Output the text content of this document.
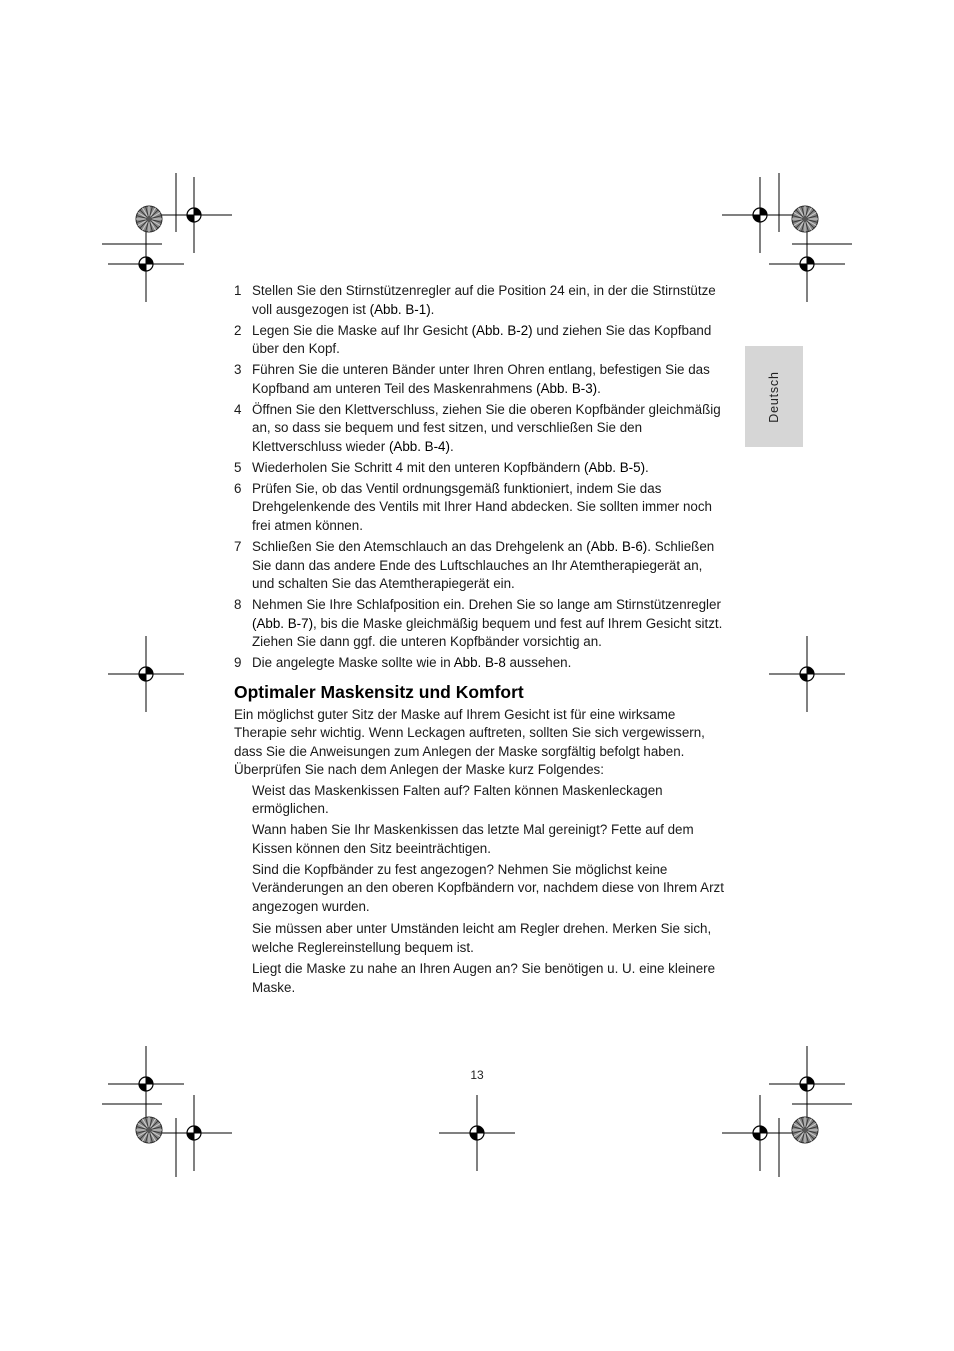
Deutsch
1 Stellen Sie den Stirnstützenregler auf die Position 24 ein, in der die Stirnstütze voll ausgezogen ist (Abb. B-1).
2 Legen Sie die Maske auf Ihr Gesicht (Abb. B-2) und ziehen Sie das Kopfband über den Kopf.
3 Führen Sie die unteren Bänder unter Ihren Ohren entlang, befestigen Sie das Kopfband am unteren Teil des Maskenrahmens (Abb. B-3).
4 Öffnen Sie den Klettverschluss, ziehen Sie die oberen Kopfbänder gleichmäßig an, so dass sie bequem und fest sitzen, und verschließen Sie den Klettverschluss wieder (Abb. B-4).
5 Wiederholen Sie Schritt 4 mit den unteren Kopfbändern (Abb. B-5).
6 Prüfen Sie, ob das Ventil ordnungsgemäß funktioniert, indem Sie das Drehgelenkende des Ventils mit Ihrer Hand abdecken. Sie sollten immer noch frei atmen können.
7 Schließen Sie den Atemschlauch an das Drehgelenk an (Abb. B-6). Schließen Sie dann das andere Ende des Luftschlauches an Ihr Atemtherapiegerät an, und schalten Sie das Atemtherapiegerät ein.
8 Nehmen Sie Ihre Schlafposition ein. Drehen Sie so lange am Stirnstützenregler (Abb. B-7), bis die Maske gleichmäßig bequem und fest auf Ihrem Gesicht sitzt. Ziehen Sie dann ggf. die unteren Kopfbänder vorsichtig an.
9 Die angelegte Maske sollte wie in Abb. B-8 aussehen.
Optimaler Maskensitz und Komfort

Ein möglichst guter Sitz der Maske auf Ihrem Gesicht ist für eine wirksame Therapie sehr wichtig. Wenn Leckagen auftreten, sollten Sie sich vergewissern, dass Sie die Anweisungen zum Anlegen der Maske sorgfältig befolgt haben. Überprüfen Sie nach dem Anlegen der Maske kurz Folgendes:

Weist das Maskenkissen Falten auf? Falten können Maskenleckagen ermöglichen.
Wann haben Sie Ihr Maskenkissen das letzte Mal gereinigt? Fette auf dem Kissen können den Sitz beeinträchtigen.
Sind die Kopfbänder zu fest angezogen? Nehmen Sie möglichst keine Veränderungen an den oberen Kopfbändern vor, nachdem diese von Ihrem Arzt angezogen wurden.
Sie müssen aber unter Umständen leicht am Regler drehen. Merken Sie sich, welche Reglereinstellung bequem ist.
Liegt die Maske zu nahe an Ihren Augen an? Sie benötigen u. U. eine kleinere Maske.
13
